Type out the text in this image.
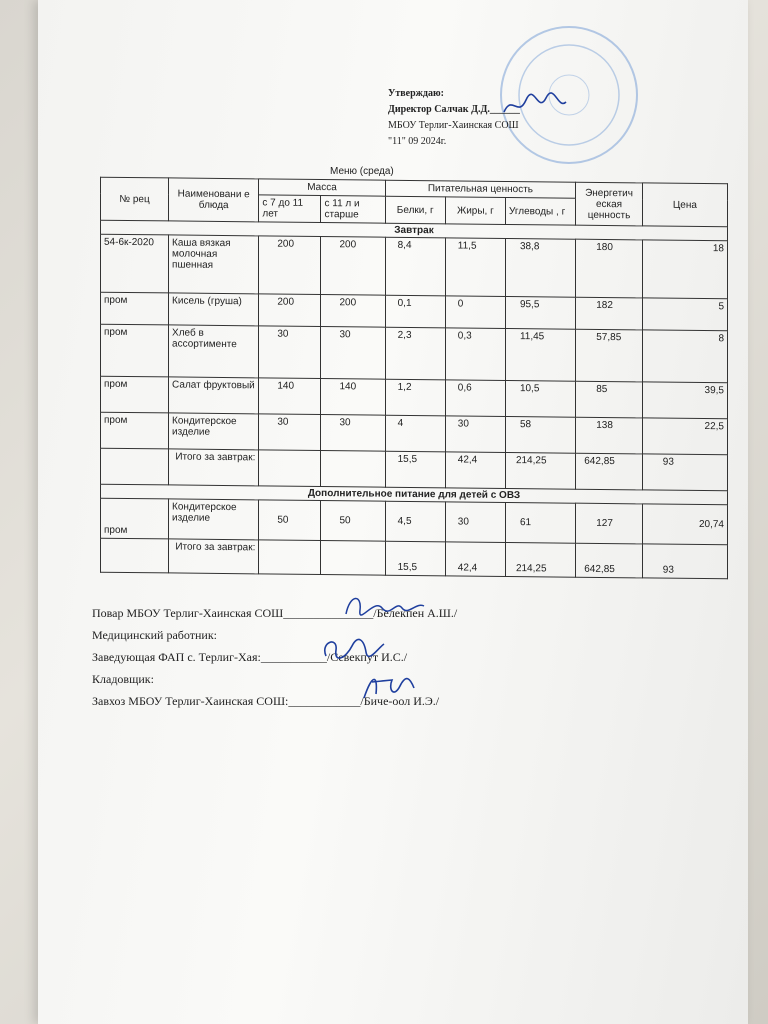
Утверждаю:
Директор Салчак Д.Д.______
МБОУ Терлиг-Хаинская СОШ
"11" 09 2024г.
Меню (среда)
№ рец	Наименовани е блюда	Масса		Питательная ценность			Энергетич еская ценность	Цена
		с 7 до 11 лет	с 11 л и старше	Белки, г	Жиры, г	Углеводы , г		
Завтрак								
54-6к-2020	Каша вязкая молочная пшенная	200	200	8,4	11,5	38,8	180	18
пром	Кисель (груша)	200	200	0,1	0	95,5	182	5
пром	Хлеб в ассортименте	30	30	2,3	0,3	11,45	57,85	8
пром	Салат фруктовый	140	140	1,2	0,6	10,5	85	39,5
пром	Кондитерское изделие	30	30	4	30	58	138	22,5
	Итого за завтрак:			15,5	42,4	214,25	642,85	93
Дополнительное питание для детей с ОВЗ								
пром	Кондитерское изделие	50	50	4,5	30	61	127	20,74
	Итого за завтрак:			15,5	42,4	214,25	642,85	93
Повар МБОУ Терлиг-Хаинская СОШ_______________/Белекпен А.Ш./
Медицинский работник:
Заведующая ФАП с. Терлиг-Хая:___________/Севекпут И.С./
Кладовщик:
Завхоз МБОУ Терлиг-Хаинская СОШ:____________/Биче-оол И.Э./
